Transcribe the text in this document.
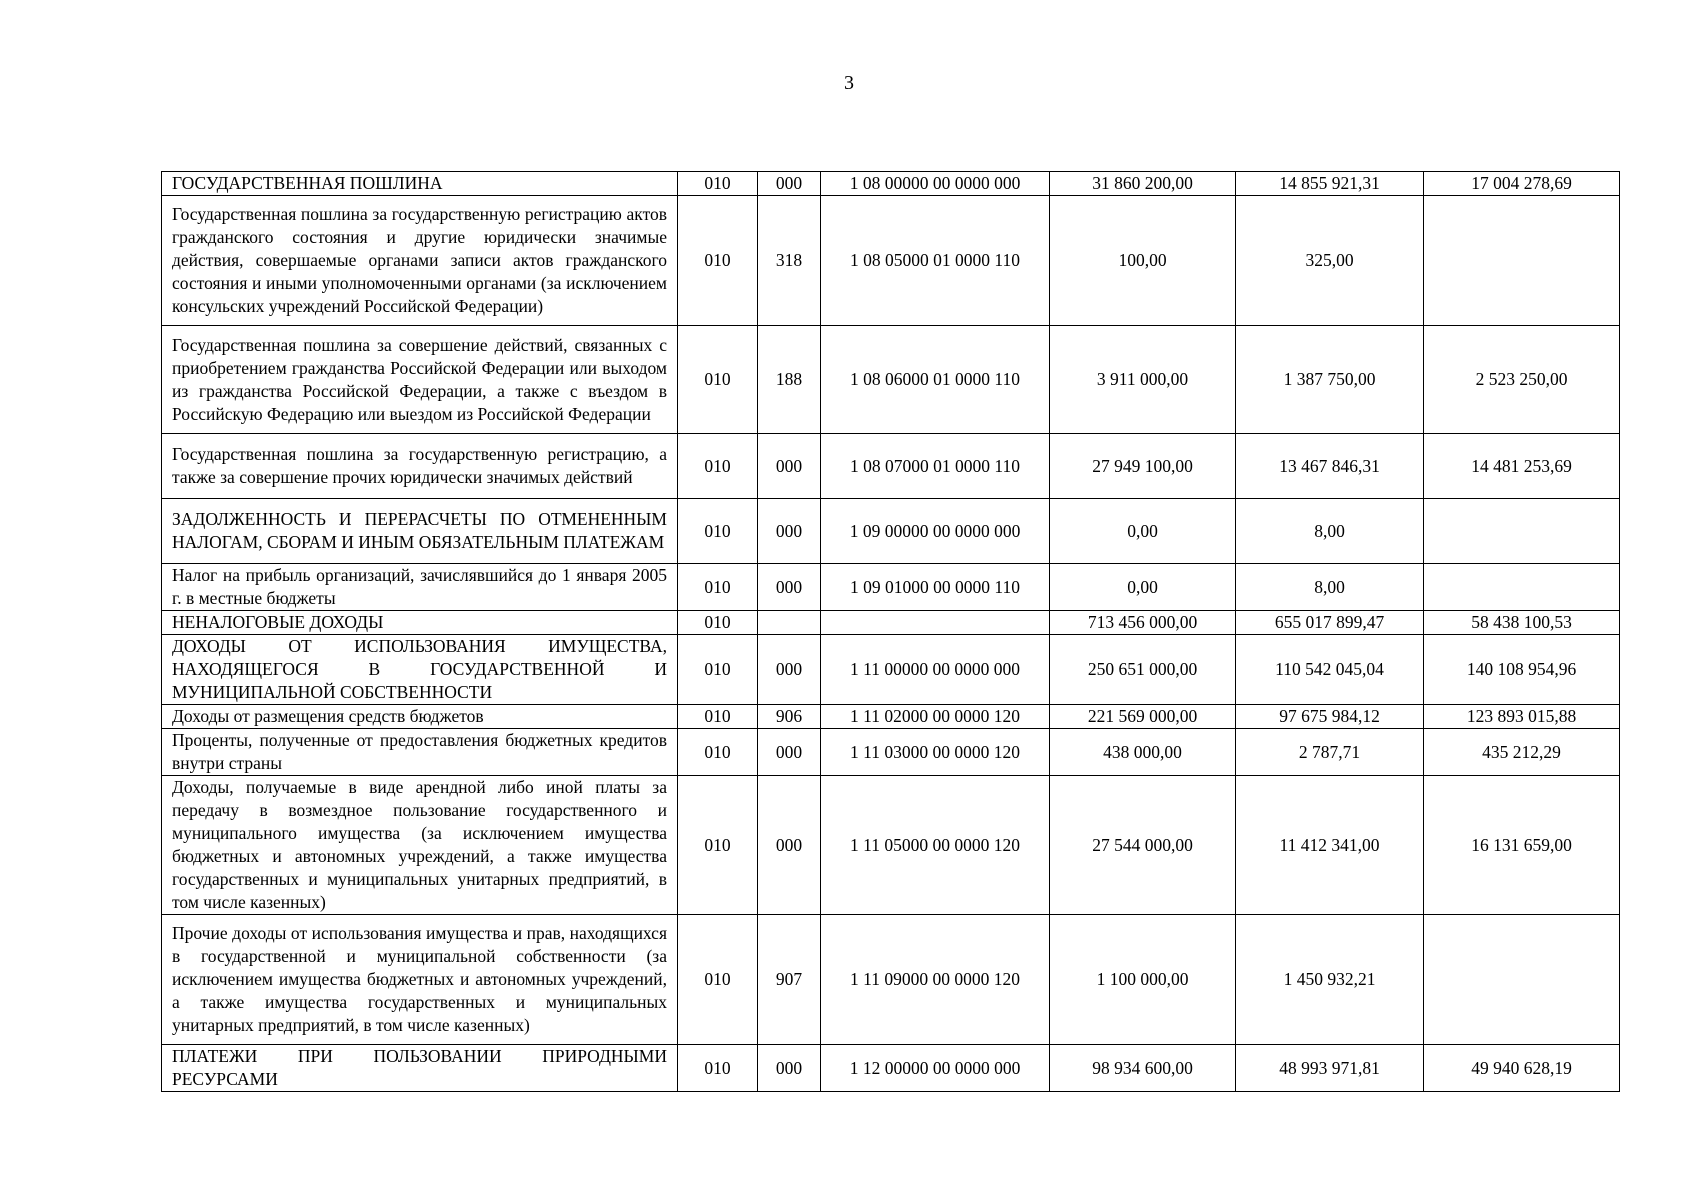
3
ГОСУДАРСТВЕННАЯ ПОШЛИНА	010	000	1 08 00000 00 0000 000	31 860 200,00	14 855 921,31	17 004 278,69
Государственная пошлина за государственную регистрацию актов гражданского состояния и другие юридически значимые действия, совершаемые органами записи актов гражданского состояния и иными уполномоченными органами (за исключением консульских учреждений Российской Федерации)	010	318	1 08 05000 01 0000 110	100,00	325,00	
Государственная пошлина за совершение действий, связанных с приобретением гражданства Российской Федерации или выходом из гражданства Российской Федерации, а также с въездом в Российскую Федерацию или выездом из Российской Федерации	010	188	1 08 06000 01 0000 110	3 911 000,00	1 387 750,00	2 523 250,00
Государственная пошлина за государственную регистрацию, а также за совершение прочих юридически значимых действий	010	000	1 08 07000 01 0000 110	27 949 100,00	13 467 846,31	14 481 253,69
ЗАДОЛЖЕННОСТЬ И ПЕРЕРАСЧЕТЫ ПО ОТМЕНЕННЫМ НАЛОГАМ, СБОРАМ И ИНЫМ ОБЯЗАТЕЛЬНЫМ ПЛАТЕЖАМ	010	000	1 09 00000 00 0000 000	0,00	8,00	
Налог на прибыль организаций, зачислявшийся до 1 января 2005 г. в местные бюджеты	010	000	1 09 01000 00 0000 110	0,00	8,00	
НЕНАЛОГОВЫЕ ДОХОДЫ	010			713 456 000,00	655 017 899,47	58 438 100,53
ДОХОДЫ ОТ ИСПОЛЬЗОВАНИЯ ИМУЩЕСТВА, НАХОДЯЩЕГОСЯ В ГОСУДАРСТВЕННОЙ И МУНИЦИПАЛЬНОЙ СОБСТВЕННОСТИ	010	000	1 11 00000 00 0000 000	250 651 000,00	110 542 045,04	140 108 954,96
Доходы от размещения средств бюджетов	010	906	1 11 02000 00 0000 120	221 569 000,00	97 675 984,12	123 893 015,88
Проценты, полученные от предоставления бюджетных кредитов внутри страны	010	000	1 11 03000 00 0000 120	438 000,00	2 787,71	435 212,29
Доходы, получаемые в виде арендной либо иной платы за передачу в возмездное пользование государственного и муниципального имущества (за исключением имущества бюджетных и автономных учреждений, а также имущества государственных и муниципальных унитарных предприятий, в том числе казенных)	010	000	1 11 05000 00 0000 120	27 544 000,00	11 412 341,00	16 131 659,00
Прочие доходы от использования имущества и прав, находящихся в государственной и муниципальной собственности (за исключением имущества бюджетных и автономных учреждений, а также имущества государственных и муниципальных унитарных предприятий, в том числе казенных)	010	907	1 11 09000 00 0000 120	1 100 000,00	1 450 932,21	
ПЛАТЕЖИ ПРИ ПОЛЬЗОВАНИИ ПРИРОДНЫМИ РЕСУРСАМИ	010	000	1 12 00000 00 0000 000	98 934 600,00	48 993 971,81	49 940 628,19
